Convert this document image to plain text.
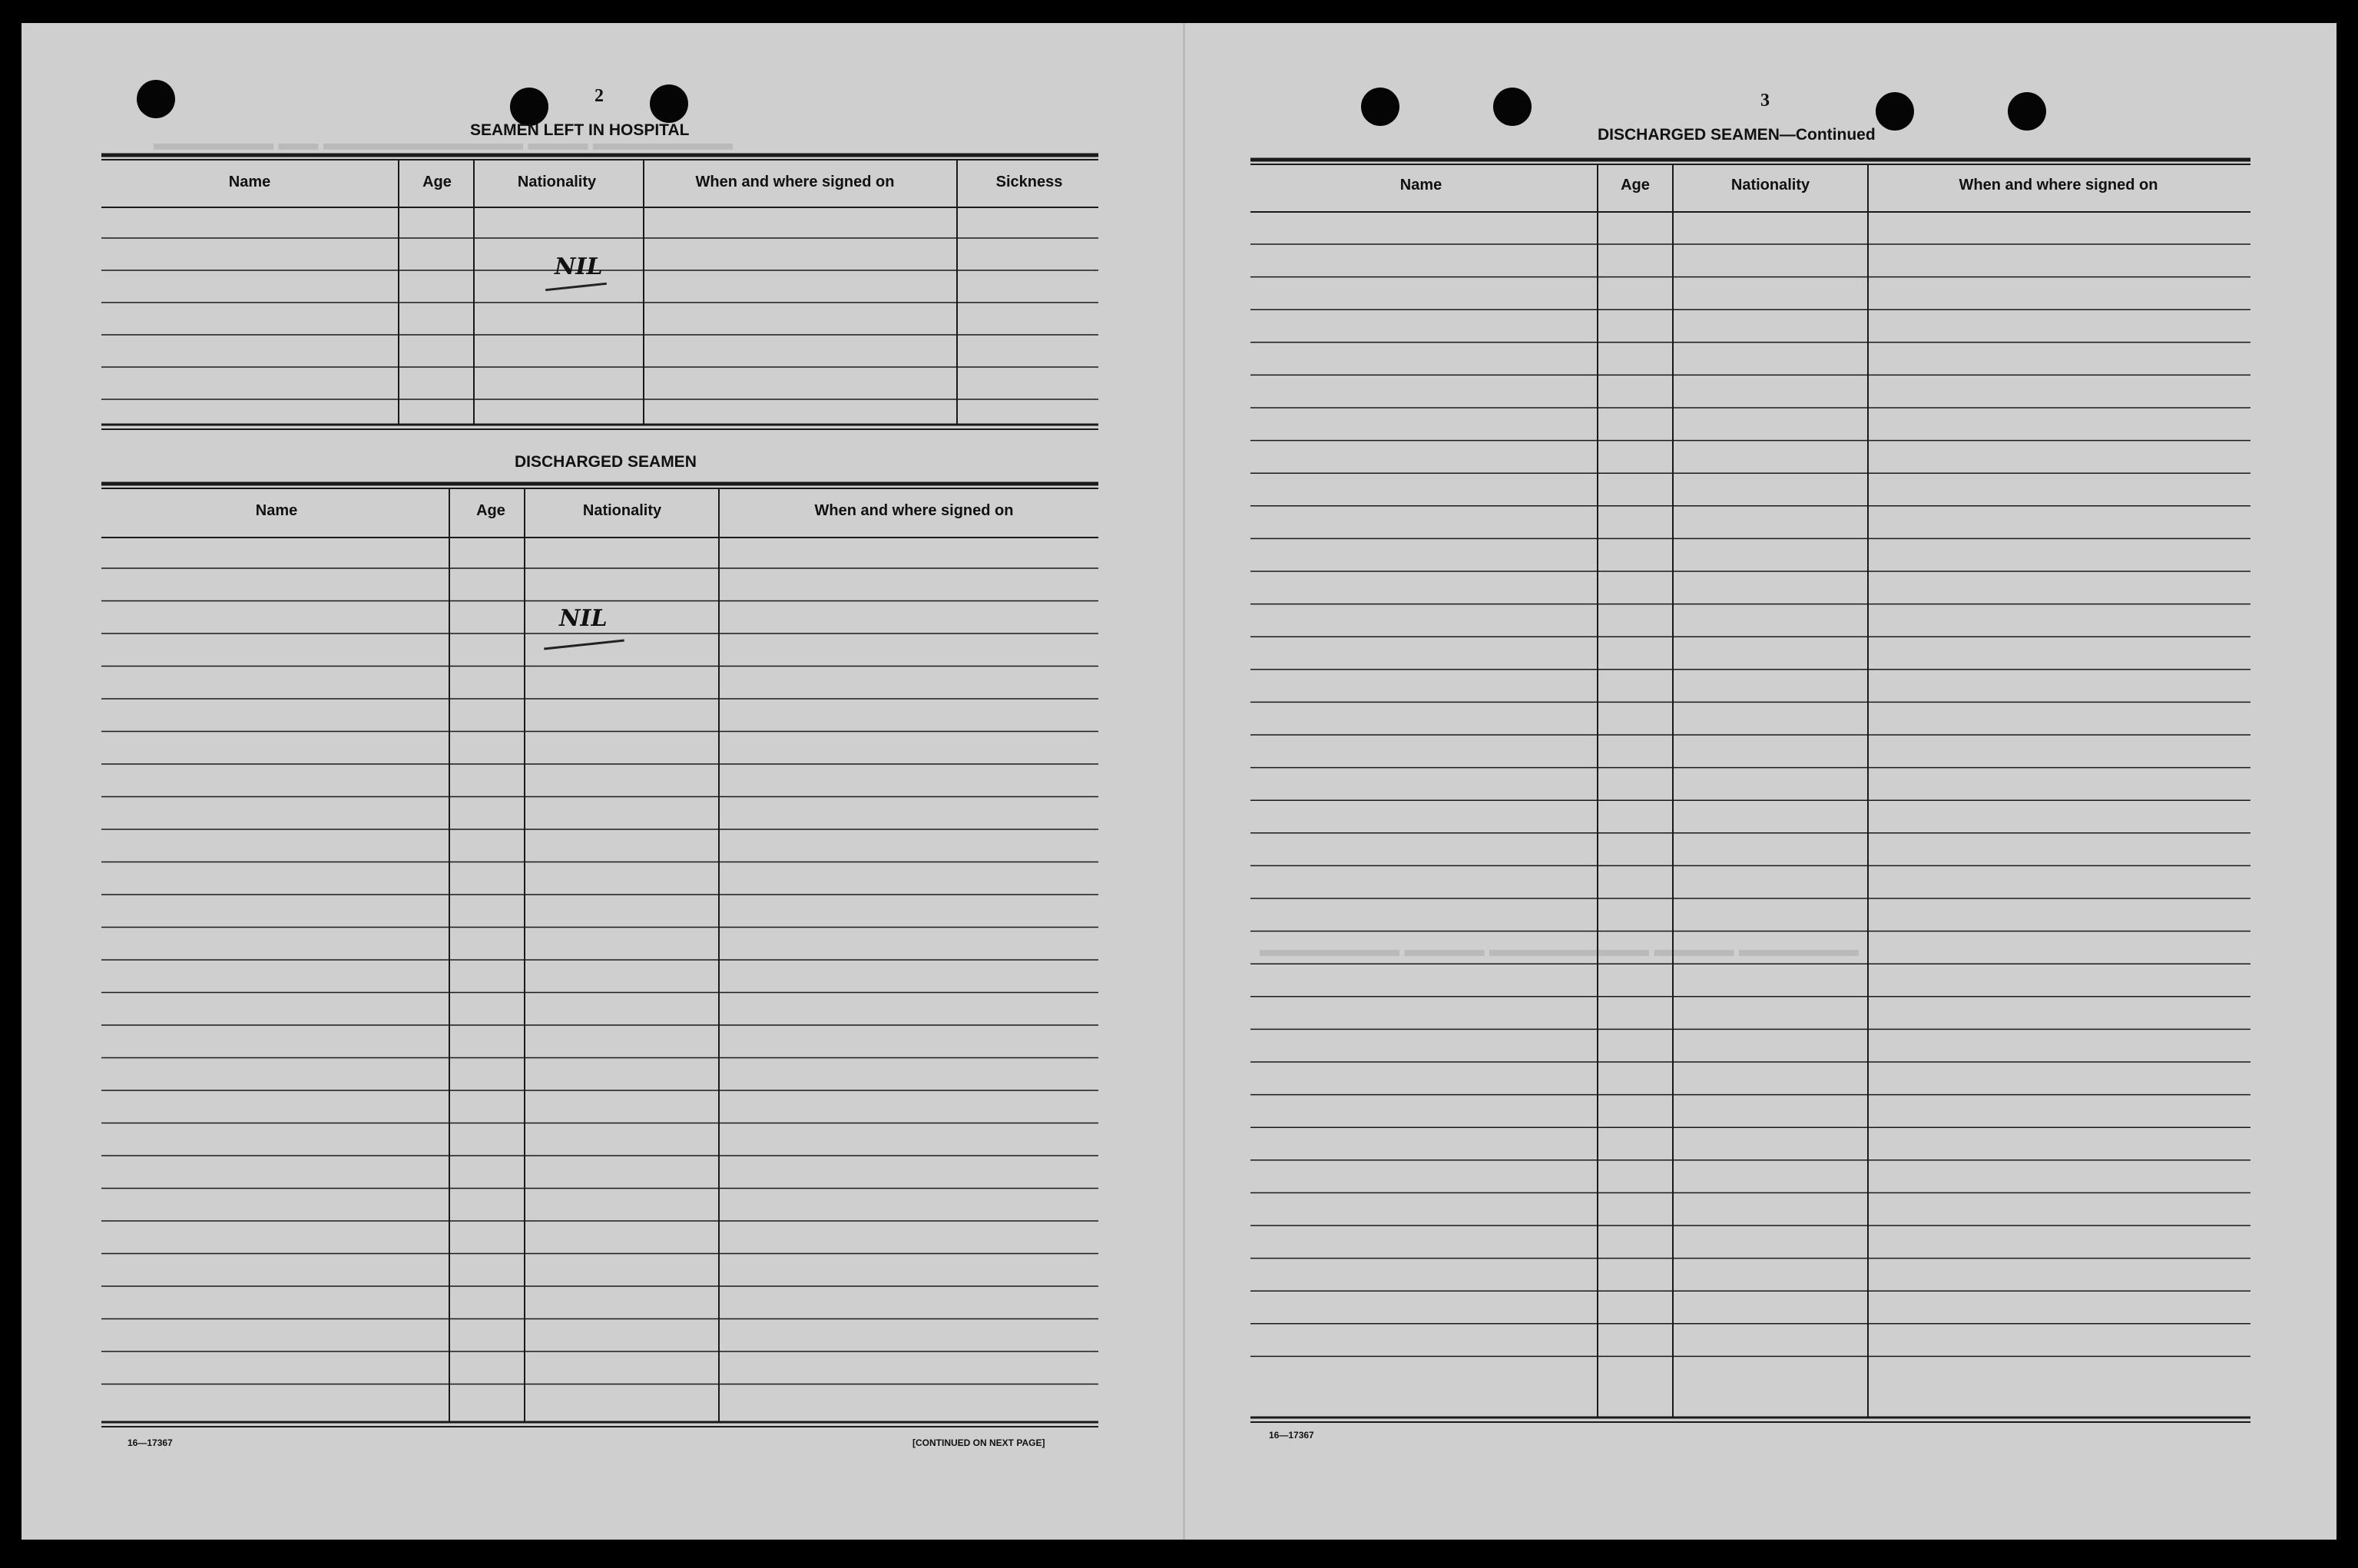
▬▬▬▬▬▬ ▬▬ ▬▬▬▬▬▬▬▬▬▬ ▬▬▬ ▬▬▬▬▬▬▬
▬▬▬▬▬▬▬ ▬▬▬▬ ▬▬▬▬▬▬▬▬ ▬▬▬▬ ▬▬▬▬▬▬
2
SEAMEN LEFT IN HOSPITAL
Name	Age	Nationality	When and where signed on	Sickness
NIL
DISCHARGED SEAMEN
Name	Age	Nationality	When and where signed on
NIL
16—17367	[CONTINUED ON NEXT PAGE]
3
DISCHARGED SEAMEN—Continued
Name	Age	Nationality	When and where signed on
16—17367
